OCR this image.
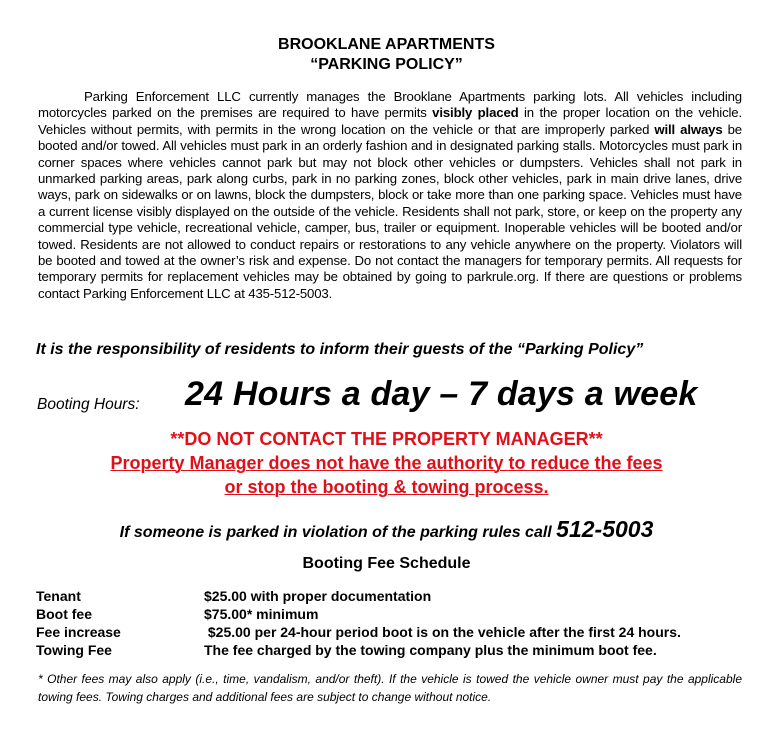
BROOKLANE APARTMENTS
“PARKING POLICY”
Parking Enforcement LLC currently manages the Brooklane Apartments parking lots. All vehicles including motorcycles parked on the premises are required to have permits visibly placed in the proper location on the vehicle. Vehicles without permits, with permits in the wrong location on the vehicle or that are improperly parked will always be booted and/or towed. All vehicles must park in an orderly fashion and in designated parking stalls. Motorcycles must park in corner spaces where vehicles cannot park but may not block other vehicles or dumpsters. Vehicles shall not park in unmarked parking areas, park along curbs, park in no parking zones, block other vehicles, park in main drive lanes, drive ways, park on sidewalks or on lawns, block the dumpsters, block or take more than one parking space. Vehicles must have a current license visibly displayed on the outside of the vehicle. Residents shall not park, store, or keep on the property any commercial type vehicle, recreational vehicle, camper, bus, trailer or equipment. Inoperable vehicles will be booted and/or towed. Residents are not allowed to conduct repairs or restorations to any vehicle anywhere on the property. Violators will be booted and towed at the owner’s risk and expense. Do not contact the managers for temporary permits. All requests for temporary permits for replacement vehicles may be obtained by going to parkrule.org. If there are questions or problems contact Parking Enforcement LLC at 435-512-5003.
It is the responsibility of residents to inform their guests of the “Parking Policy”
Booting Hours: 24 Hours a day – 7 days a week
**DO NOT CONTACT THE PROPERTY MANAGER**
Property Manager does not have the authority to reduce the fees
or stop the booting & towing process.
If someone is parked in violation of the parking rules call 512-5003
Booting Fee Schedule
Tenant	$25.00 with proper documentation
Boot fee	$75.00* minimum
Fee increase	$25.00 per 24-hour period boot is on the vehicle after the first 24 hours.
Towing Fee	The fee charged by the towing company plus the minimum boot fee.
* Other fees may also apply (i.e., time, vandalism, and/or theft). If the vehicle is towed the vehicle owner must pay the applicable towing fees. Towing charges and additional fees are subject to change without notice.
